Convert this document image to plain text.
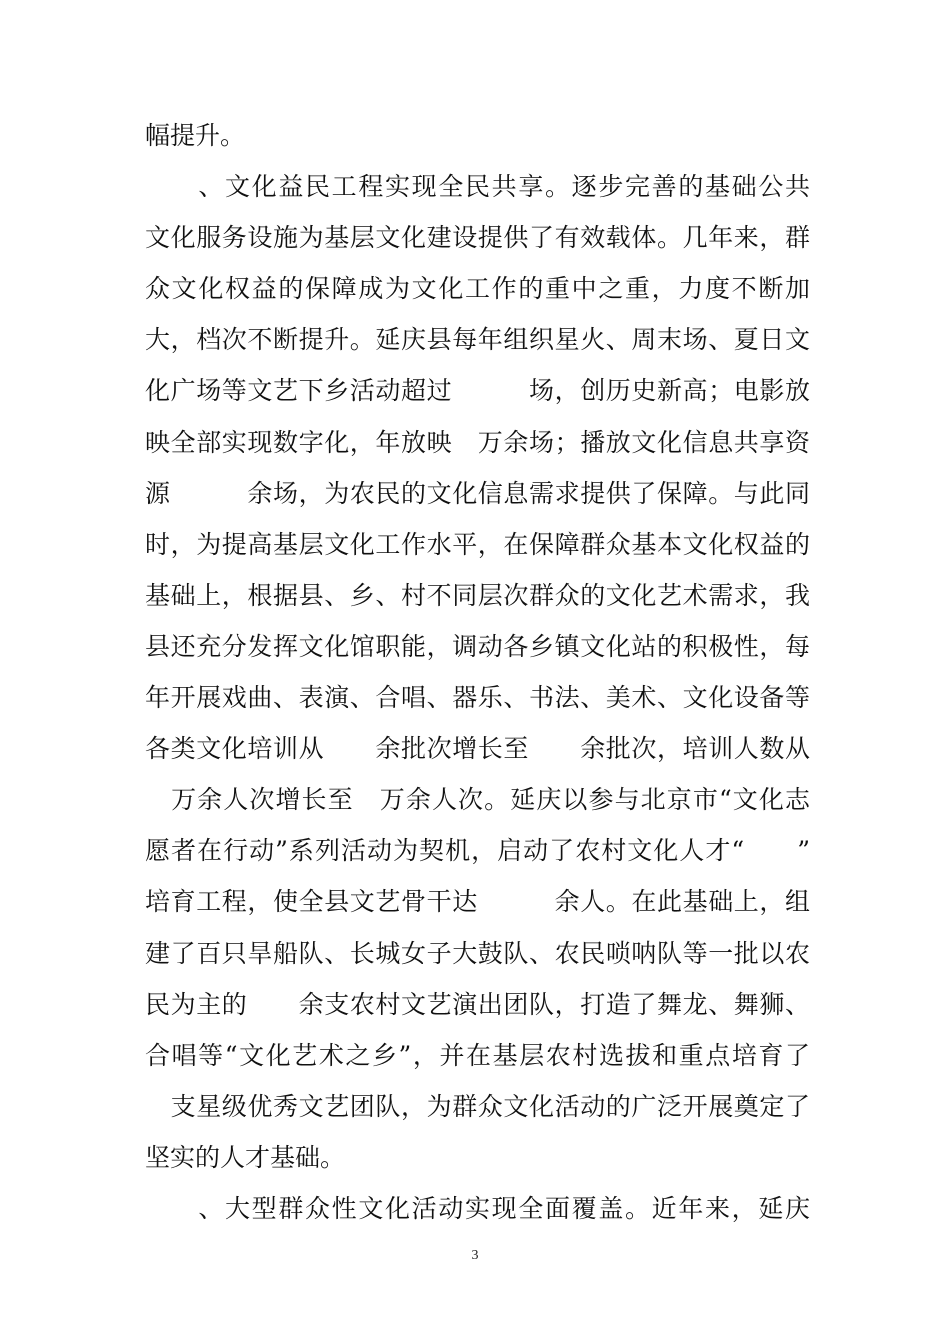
幅提升。
　　、文化益民工程实现全民共享。逐步完善的基础公共
文化服务设施为基层文化建设提供了有效载体。几年来，群
众文化权益的保障成为文化工作的重中之重，力度不断加
大，档次不断提升。延庆县每年组织星火、周末场、夏日文
化广场等文艺下乡活动超过　　　场，创历史新高；电影放
映全部实现数字化，年放映　万余场；播放文化信息共享资
源　　　余场，为农民的文化信息需求提供了保障。与此同
时，为提高基层文化工作水平，在保障群众基本文化权益的
基础上，根据县、乡、村不同层次群众的文化艺术需求，我
县还充分发挥文化馆职能，调动各乡镇文化站的积极性，每
年开展戏曲、表演、合唱、器乐、书法、美术、文化设备等
各类文化培训从　　余批次增长至　　余批次，培训人数从
　万余人次增长至　万余人次。延庆以参与北京市“文化志
愿者在行动”系列活动为契机，启动了农村文化人才“　　”
培育工程，使全县文艺骨干达　　　余人。在此基础上，组
建了百只旱船队、长城女子大鼓队、农民唢呐队等一批以农
民为主的　　余支农村文艺演出团队，打造了舞龙、舞狮、
合唱等“文化艺术之乡”，并在基层农村选拔和重点培育了
　支星级优秀文艺团队，为群众文化活动的广泛开展奠定了
坚实的人才基础。
　　、大型群众性文化活动实现全面覆盖。近年来，延庆
3
